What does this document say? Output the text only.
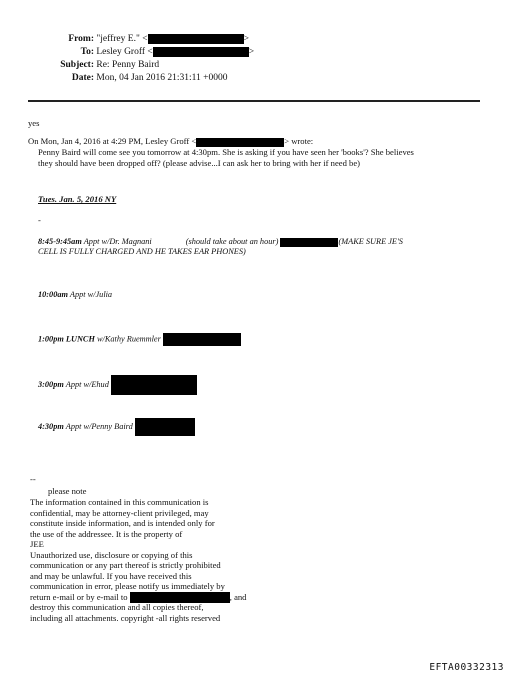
From: "jeffrey E." <	>
To: Lesley Groff <	>
Subject: Re: Penny Baird
Date: Mon, 04 Jan 2016 21:31:11 +0000
yes
On Mon, Jan 4, 2016 at 4:29 PM, Lesley Groff <	> wrote:
Penny Baird will come see you tomorrow at 4:30pm. She is asking if you have seen her 'books'? She believes
they should have been dropped off? (please advise...I can ask her to bring with her if need be)
Tues. Jan. 5, 2016 NY
-
8:45-9:45am Appt w/Dr. Magnani	(should take about an hour)	(MAKE SURE JE'S
CELL IS FULLY CHARGED AND HE TAKES EAR PHONES)
10:00am Appt w/Julia
1:00pm LUNCH w/Kathy Ruemmler
3:00pm Appt w/Ehud
4:30pm Appt w/Penny Baird
--
please note
The information contained in this communication is
confidential, may be attorney-client privileged, may
constitute inside information, and is intended only for
the use of the addressee. It is the property of
JEE
Unauthorized use, disclosure or copying of this
communication or any part thereof is strictly prohibited
and may be unlawful. If you have received this
communication in error, please notify us immediately by
return e-mail or by e-mail to	, and
destroy this communication and all copies thereof,
including all attachments. copyright -all rights reserved
EFTA00332313
